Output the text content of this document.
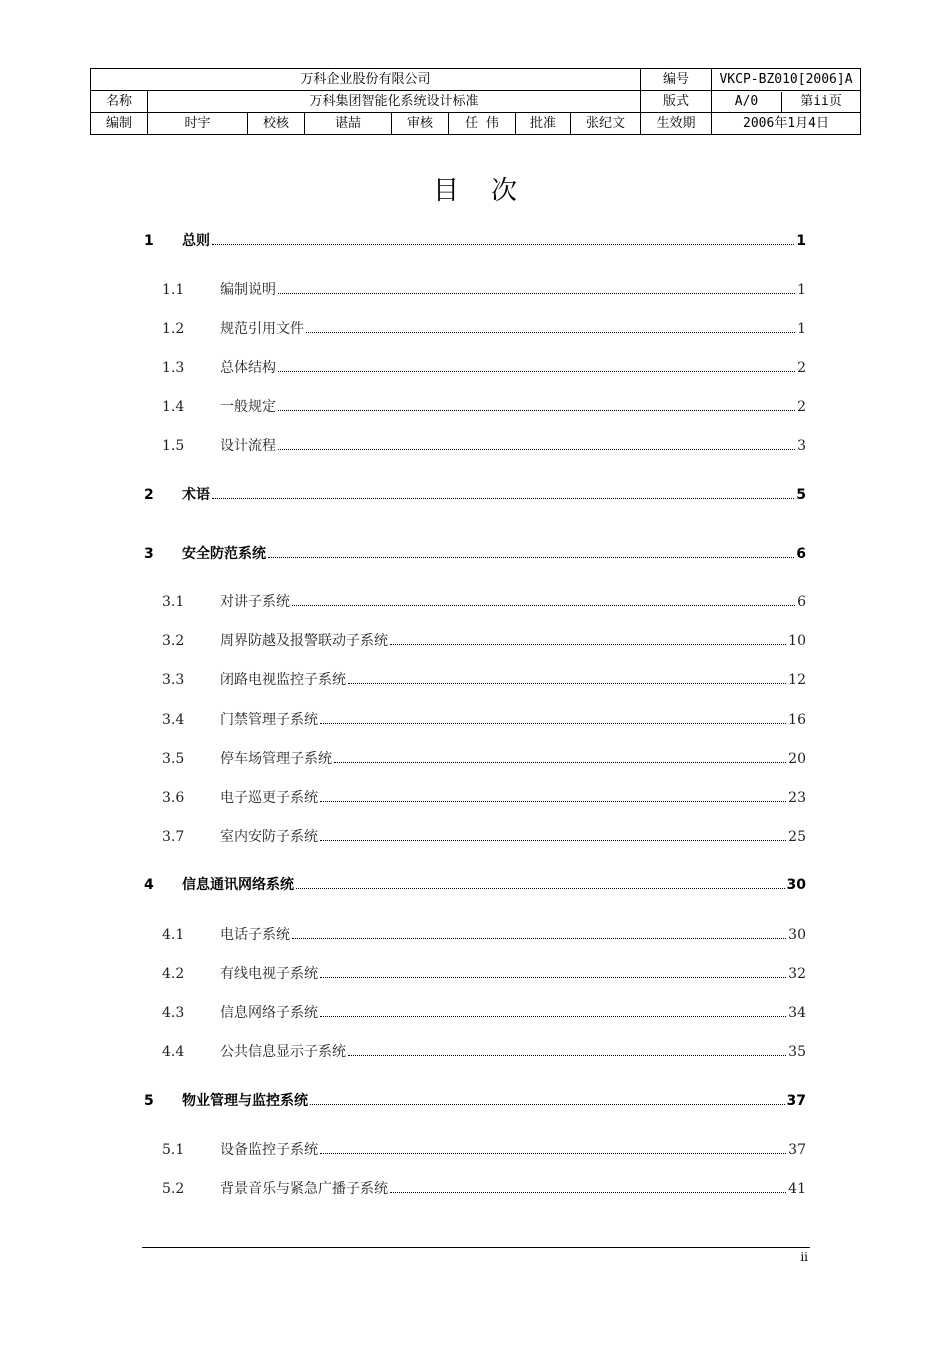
万科企业股份有限公司								编号	VKCP-BZ010[2006]A
名称	万科集团智能化系统设计标准							版式	A/0 第ii页

编制	时宇	校核	谌喆	审核	任 伟	批准	张纪文	生效期	2006年1月4日
目次
1 总则	1
1.1	编制说明	1
1.2	规范引用文件	1
1.3	总体结构	2
1.4	一般规定	2
1.5	设计流程	3
2 术语	5
3 安全防范系统	6
3.1	对讲子系统	6
3.2	周界防越及报警联动子系统	10
3.3	闭路电视监控子系统	12
3.4	门禁管理子系统	16
3.5	停车场管理子系统	20
3.6	电子巡更子系统	23
3.7	室内安防子系统	25
4 信息通讯网络系统	30
4.1	电话子系统	30
4.2	有线电视子系统	32
4.3	信息网络子系统	34
4.4	公共信息显示子系统	35
5 物业管理与监控系统	37
5.1	设备监控子系统	37
5.2	背景音乐与紧急广播子系统	41
ii
